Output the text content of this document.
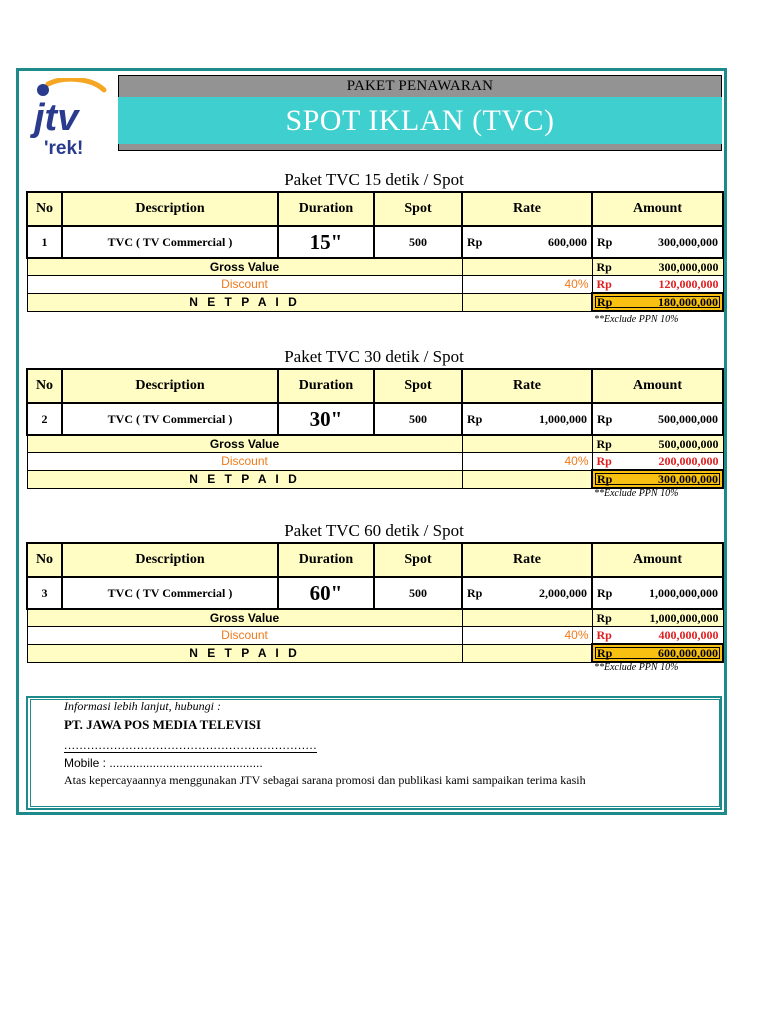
jtv
'rek!
PAKET PENAWARAN
SPOT IKLAN (TVC)
Paket TVC 15 detik / Spot
No	Description	Duration	Spot	Rate	Amount
1	TVC ( TV Commercial )	15"	500	Rp 600,000	Rp 300,000,000

Gross Value					Rp 300,000,000

Discount				40%	Rp 120,000,000

N E T P A I D					Rp 180,000,000
**Exclude PPN 10%
Paket TVC 30 detik / Spot
No	Description	Duration	Spot	Rate	Amount
2	TVC ( TV Commercial )	30"	500	Rp 1,000,000	Rp 500,000,000

Gross Value					Rp 500,000,000

Discount				40%	Rp 200,000,000

N E T P A I D					Rp 300,000,000
**Exclude PPN 10%
Paket TVC 60 detik / Spot
No	Description	Duration	Spot	Rate	Amount
3	TVC ( TV Commercial )	60"	500	Rp 2,000,000	Rp 1,000,000,000

Gross Value					Rp 1,000,000,000

Discount				40%	Rp 400,000,000

N E T P A I D					Rp 600,000,000
**Exclude PPN 10%
Informasi lebih lanjut, hubungi :
PT. JAWA POS MEDIA TELEVISI
..................................................................
Mobile : ..............................................
Atas kepercayaannya menggunakan JTV sebagai sarana promosi dan publikasi kami sampaikan terima kasih
